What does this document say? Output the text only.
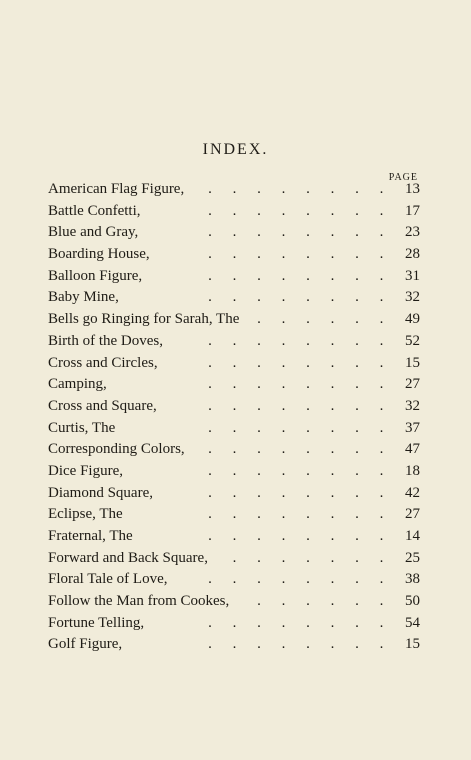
INDEX.
PAGE
American Flag Figure, . . . . . . . . 13
Battle Confetti,	. . . . . . . . 17
Blue and Gray,	. . . . . . . . 23
Boarding House,	. . . . . . . . 28
Balloon Figure,	. . . . . . . . 31
Baby Mine,	. . . . . . . . 32
Bells go Ringing for Sarah, The . . . . . . 49
Birth of the Doves,	. . . . . . . . 52
Cross and Circles,	. . . . . . . . 15
Camping,	. . . . . . . . 27
Cross and Square,	. . . . . . . . 32
Curtis, The	. . . . . . . . 37
Corresponding Colors, . . . . . . . . 47
Dice Figure,	. . . . . . . . 18
Diamond Square,	. . . . . . . . 42
Eclipse, The	. . . . . . . . 27
Fraternal, The	. . . . . . . . 14
Forward and Back Square, . . . . . . . 25
Floral Tale of Love,	. . . . . . . . 38
Follow the Man from Cookes, . . . . . . 50
Fortune Telling,	. . . . . . . . 54
Golf Figure,	. . . . . . . . 15
